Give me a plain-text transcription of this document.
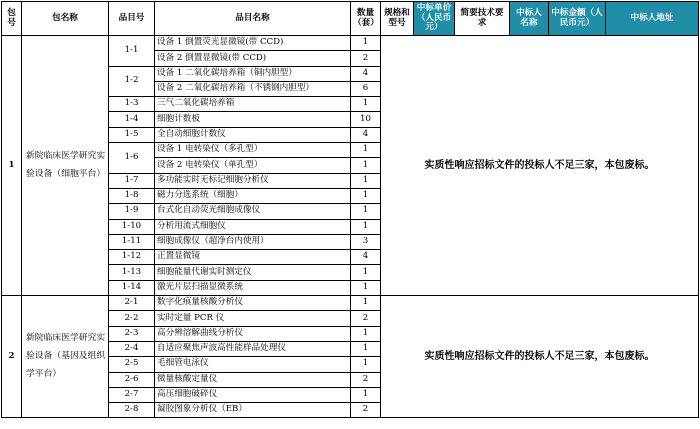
包号	包名称	品目号	品目名称	数量（套）	规格和型号	中标单价（人民币元）	简要技术要求	中标人名称	中标金额（人民币元）	中标人地址
1	新院临床医学研究实验设备（细胞平台）	1-1	设备 1 倒置荧光显微镜(带 CCD)	1	实质性响应招标文件的投标人不足三家，本包废标。					
			设备 2 倒置显微镜(带 CCD)	2						
		1-2	设备 1 二氧化碳培养箱（铜内胆型）	4						
			设备 2 二氧化碳培养箱（不锈钢内胆型）	6						
		1-3	三气二氧化碳培养箱	1						
		1-4	细胞计数板	10						
		1-5	全自动细胞计数仪	4						
		1-6	设备 1 电转染仪（多孔型）	1						
			设备 2 电转染仪（单孔型）	1						
		1-7	多功能实时无标记细胞分析仪	1						
		1-8	磁力分选系统（细胞）	1						
		1-9	台式化自动荧光细胞成像仪	1						
		1-10	分析用流式细胞仪	1						
		1-11	细胞成像仪（超净台内使用）	3						
		1-12	正置显微镜	4						
		1-13	细胞能量代谢实时测定仪	1						
		1-14	激光片层扫描显微系统	1						
2	新院临床医学研究实验设备（基因及组织学平台）	2-1	数字化痕量核酸分析仪	1	实质性响应招标文件的投标人不足三家，本包废标。					
		2-2	实时定量 PCR 仪	2						
		2-3	高分辨溶解曲线分析仪	1						
		2-4	自适应聚焦声波高性能样品处理仪	1						
		2-5	毛细管电泳仪	1						
		2-6	微量核酸定量仪	2						
		2-7	高压细胞破碎仪	1						
		2-8	凝胶图象分析仪（EB）	2						
